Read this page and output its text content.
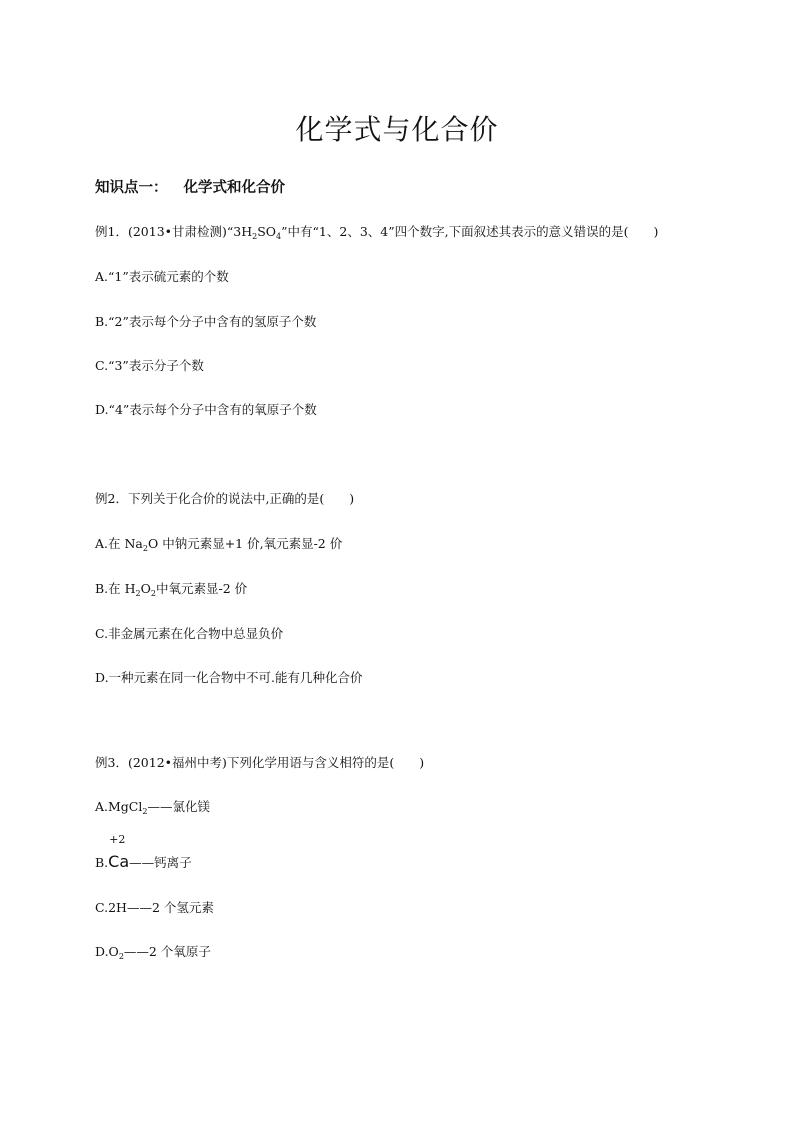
化学式与化合价
知识点一： 化学式和化合价
例1．(2013•甘肃检测)“$3H_2SO_4$”中有“1、2、3、4”四个数字,下面叙述其表示的意义错误的是(　　)
A.“1”表示硫元素的个数
B.“2”表示每个分子中含有的氢原子个数
C.“3”表示分子个数
D.“4”表示每个分子中含有的氧原子个数
例2．下列关于化合价的说法中,正确的是(　　)
A.在 $Na_2O$ 中钠元素显+1 价,氧元素显-2 价
B.在 $H_2O_2$中氧元素显-2 价
C.非金属元素在化合物中总显负价
D.一种元素在同一化合物中不可.能有几种化合价
例3．(2012•福州中考)下列化学用语与含义相符的是(　　)
A.MgCl$_2$——氯化镁
B.
+2
Ca——钙离子
C.2H——2 个氢元素
$D.O_2——2$ 个氧原子
